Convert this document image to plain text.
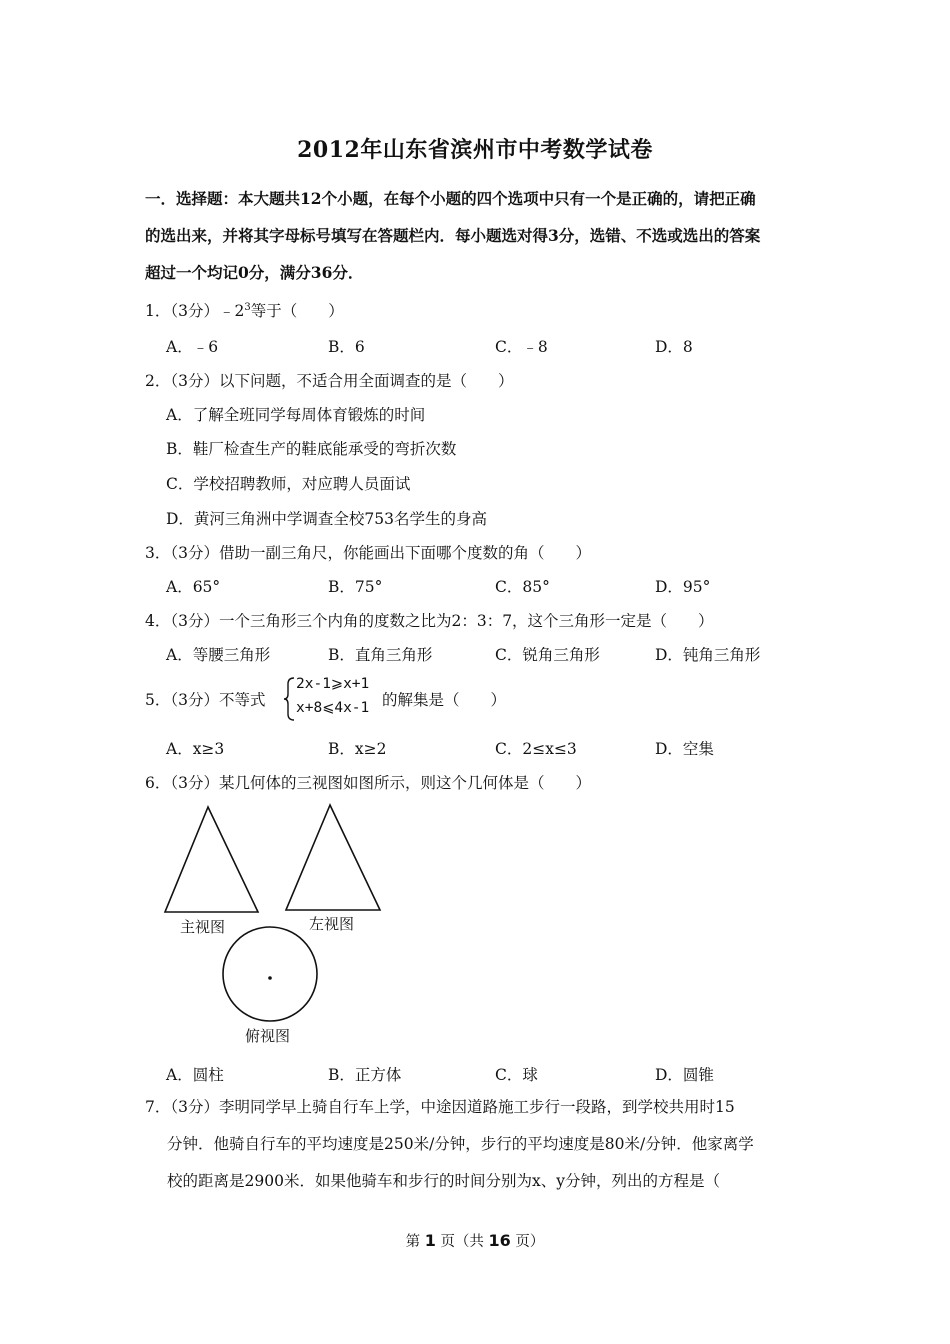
2012年山东省滨州市中考数学试卷
一．选择题：本大题共12个小题，在每个小题的四个选项中只有一个是正确的，请把正确
的选出来，并将其字母标号填写在答题栏内．每小题选对得3分，选错、不选或选出的答案
超过一个均记0分，满分36分．
1．（3分）$﹣2^3$等于（　　）
A．﹣6	B．6	C．﹣8	D．8
2．（3分）以下问题，不适合用全面调查的是（　　）
A．了解全班同学每周体育锻炼的时间
B．鞋厂检查生产的鞋底能承受的弯折次数
C．学校招聘教师，对应聘人员面试
D．黄河三角洲中学调查全校753名学生的身高
3．（3分）借助一副三角尺，你能画出下面哪个度数的角（　　）
A．65°	B．75°	C．85°	D．95°
4．（3分）一个三角形三个内角的度数之比为2：3：7，这个三角形一定是（　　）
A．等腰三角形	B．直角三角形	C．锐角三角形	D．钝角三角形
5．（3分）不等式
2x-1⩾x+1
x+8⩽4x-1 的解集是（　　）
A．x≥3	B．x≥2	C．2≤x≤3	D．空集
6．（3分）某几何体的三视图如图所示，则这个几何体是（　　）
主视图	左视图
俯视图
A．圆柱	B．正方体	C．球	D．圆锥
7．（3分）李明同学早上骑自行车上学，中途因道路施工步行一段路，到学校共用时15
分钟．他骑自行车的平均速度是250米/分钟，步行的平均速度是80米/分钟．他家离学
校的距离是2900米．如果他骑车和步行的时间分别为x、y分钟，列出的方程是（
第 1 页（共 16 页）
